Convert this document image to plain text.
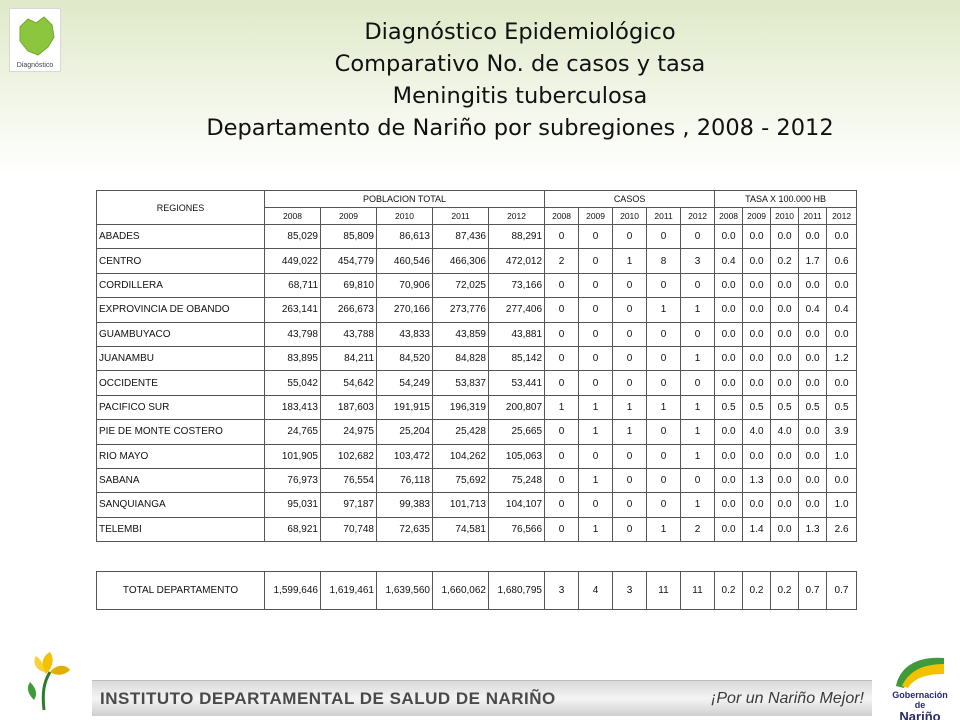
Diagnóstico
Diagnóstico Epidemiológico
Comparativo No. de casos y tasa
Meningitis tuberculosa
Departamento de Nariño por subregiones , 2008 - 2012
REGIONES	POBLACION TOTAL					CASOS					TASA X 100.000 HB				
	2008	2009	2010	2011	2012	2008	2009	2010	2011	2012	2008	2009	2010	2011	2012
ABADES	85,029	85,809	86,613	87,436	88,291	0	0	0	0	0	0.0	0.0	0.0	0.0	0.0
CENTRO	449,022	454,779	460,546	466,306	472,012	2	0	1	8	3	0.4	0.0	0.2	1.7	0.6
CORDILLERA	68,711	69,810	70,906	72,025	73,166	0	0	0	0	0	0.0	0.0	0.0	0.0	0.0
EXPROVINCIA DE OBANDO	263,141	266,673	270,166	273,776	277,406	0	0	0	1	1	0.0	0.0	0.0	0.4	0.4
GUAMBUYACO	43,798	43,788	43,833	43,859	43,881	0	0	0	0	0	0.0	0.0	0.0	0.0	0.0
JUANAMBU	83,895	84,211	84,520	84,828	85,142	0	0	0	0	1	0.0	0.0	0.0	0.0	1.2
OCCIDENTE	55,042	54,642	54,249	53,837	53,441	0	0	0	0	0	0.0	0.0	0.0	0.0	0.0
PACIFICO SUR	183,413	187,603	191,915	196,319	200,807	1	1	1	1	1	0.5	0.5	0.5	0.5	0.5
PIE DE MONTE COSTERO	24,765	24,975	25,204	25,428	25,665	0	1	1	0	1	0.0	4.0	4.0	0.0	3.9
RIO MAYO	101,905	102,682	103,472	104,262	105,063	0	0	0	0	1	0.0	0.0	0.0	0.0	1.0
SABANA	76,973	76,554	76,118	75,692	75,248	0	1	0	0	0	0.0	1.3	0.0	0.0	0.0
SANQUIANGA	95,031	97,187	99,383	101,713	104,107	0	0	0	0	1	0.0	0.0	0.0	0.0	1.0
TELEMBI	68,921	70,748	72,635	74,581	76,566	0	1	0	1	2	0.0	1.4	0.0	1.3	2.6
TOTAL DEPARTAMENTO	1,599,646	1,619,461	1,639,560	1,660,062	1,680,795	3	4	3	11	11	0.2	0.2	0.2	0.7	0.7
INSTITUTO DEPARTAMENTAL DE SALUD DE NARIÑO	¡Por un Nariño Mejor!	Gobernación de
Nariño
